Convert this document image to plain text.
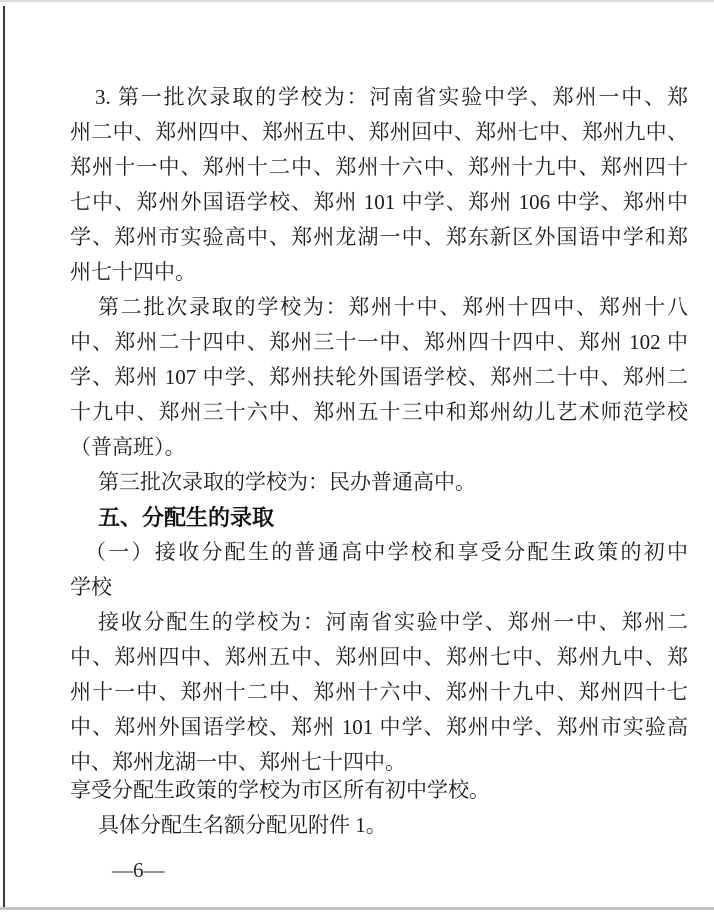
3. 第一批次录取的学校为：河南省实验中学、郑州一中、郑
州二中、郑州四中、郑州五中、郑州回中、郑州七中、郑州九中、
郑州十一中、郑州十二中、郑州十六中、郑州十九中、郑州四十
七中、郑州外国语学校、郑州 101 中学、郑州 106 中学、郑州中
学、郑州市实验高中、郑州龙湖一中、郑东新区外国语中学和郑
州七十四中。
第二批次录取的学校为：郑州十中、郑州十四中、郑州十八
中、郑州二十四中、郑州三十一中、郑州四十四中、郑州 102 中
学、郑州 107 中学、郑州扶轮外国语学校、郑州二十中、郑州二
十九中、郑州三十六中、郑州五十三中和郑州幼儿艺术师范学校
（普高班）。
第三批次录取的学校为：民办普通高中。
五、分配生的录取
（一）接收分配生的普通高中学校和享受分配生政策的初中
学校
接收分配生的学校为：河南省实验中学、郑州一中、郑州二
中、郑州四中、郑州五中、郑州回中、郑州七中、郑州九中、郑
州十一中、郑州十二中、郑州十六中、郑州十九中、郑州四十七
中、郑州外国语学校、郑州 101 中学、郑州中学、郑州市实验高
中、郑州龙湖一中、郑州七十四中。
享受分配生政策的学校为市区所有初中学校。
具体分配生名额分配见附件 1。
—6—
